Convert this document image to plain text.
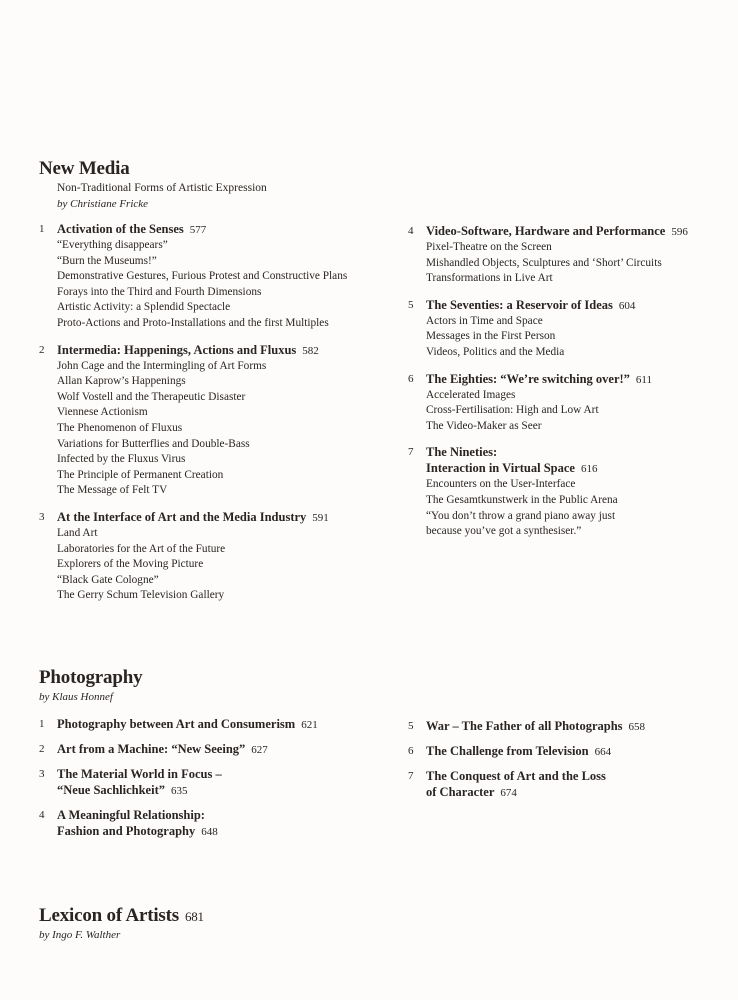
New Media
Non-Traditional Forms of Artistic Expression
by Christiane Fricke
1	Activation of the Senses 577
“Everything disappears”
“Burn the Museums!”
Demonstrative Gestures, Furious Protest and Constructive Plans
Forays into the Third and Fourth Dimensions
Artistic Activity: a Splendid Spectacle
Proto-Actions and Proto-Installations and the first Multiples
2	Intermedia: Happenings, Actions and Fluxus 582
John Cage and the Intermingling of Art Forms
Allan Kaprow’s Happenings
Wolf Vostell and the Therapeutic Disaster
Viennese Actionism
The Phenomenon of Fluxus
Variations for Butterflies and Double-Bass
Infected by the Fluxus Virus
The Principle of Permanent Creation
The Message of Felt TV
3	At the Interface of Art and the Media Industry 591
Land Art
Laboratories for the Art of the Future
Explorers of the Moving Picture
“Black Gate Cologne”
The Gerry Schum Television Gallery
4	Video-Software, Hardware and Performance 596
Pixel-Theatre on the Screen
Mishandled Objects, Sculptures and ‘Short’ Circuits
Transformations in Live Art
5	The Seventies: a Reservoir of Ideas 604
Actors in Time and Space
Messages in the First Person
Videos, Politics and the Media
6	The Eighties: “We’re switching over!” 611
Accelerated Images
Cross-Fertilisation: High and Low Art
The Video-Maker as Seer
7	The Nineties:
Interaction in Virtual Space 616
Encounters on the User-Interface
The Gesamtkunstwerk in the Public Arena
“You don’t throw a grand piano away just
because you’ve got a synthesiser.”
Photography
by Klaus Honnef
1	Photography between Art and Consumerism 621
2	Art from a Machine: “New Seeing” 627
3	The Material World in Focus –
“Neue Sachlichkeit” 635
4	A Meaningful Relationship:
Fashion and Photography 648
5	War – The Father of all Photographs 658
6	The Challenge from Television 664
7	The Conquest of Art and the Loss
of Character 674
Lexicon of Artists 681
by Ingo F. Walther
